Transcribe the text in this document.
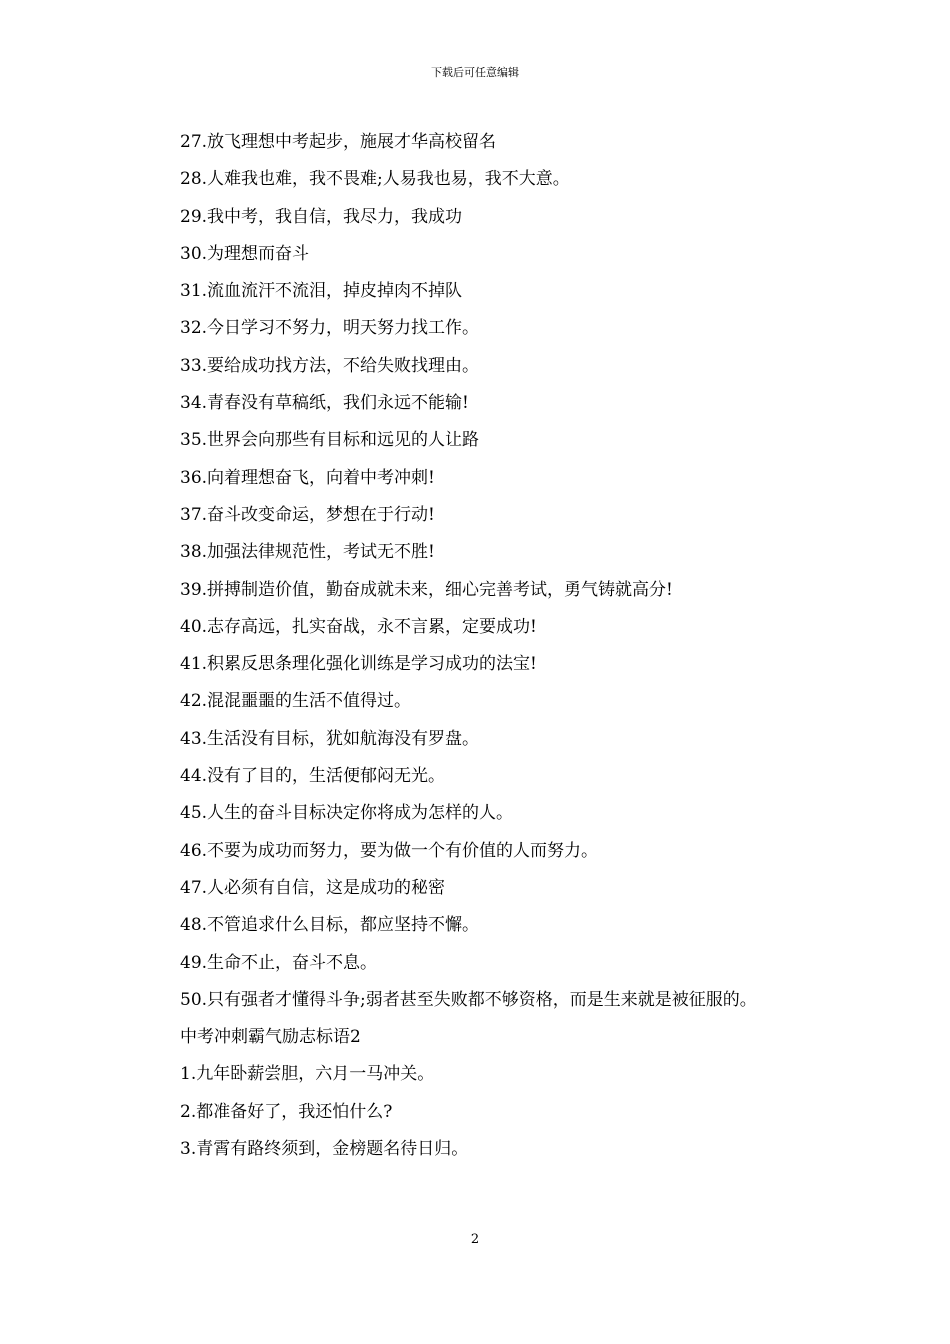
下载后可任意编辑

27.放飞理想中考起步，施展才华高校留名

28.人难我也难，我不畏难;人易我也易，我不大意。

29.我中考，我自信，我尽力，我成功

30.为理想而奋斗

31.流血流汗不流泪，掉皮掉肉不掉队

32.今日学习不努力，明天努力找工作。

33.要给成功找方法，不给失败找理由。

34.青春没有草稿纸，我们永远不能输!

35.世界会向那些有目标和远见的人让路

36.向着理想奋飞，向着中考冲刺!

37.奋斗改变命运，梦想在于行动!

38.加强法律规范性，考试无不胜!

39.拼搏制造价值，勤奋成就未来，细心完善考试，勇气铸就高分!

40.志存高远，扎实奋战，永不言累，定要成功!

41.积累反思条理化强化训练是学习成功的法宝!

42.混混噩噩的生活不值得过。

43.生活没有目标，犹如航海没有罗盘。

44.没有了目的，生活便郁闷无光。

45.人生的奋斗目标决定你将成为怎样的人。

46.不要为成功而努力，要为做一个有价值的人而努力。

47.人必须有自信，这是成功的秘密

48.不管追求什么目标，都应坚持不懈。

49.生命不止，奋斗不息。

50.只有强者才懂得斗争;弱者甚至失败都不够资格，而是生来就是被征服的。

中考冲刺霸气励志标语2

1.九年卧薪尝胆，六月一马冲关。

2.都准备好了，我还怕什么?

3.青霄有路终须到，金榜题名待日归。

2
